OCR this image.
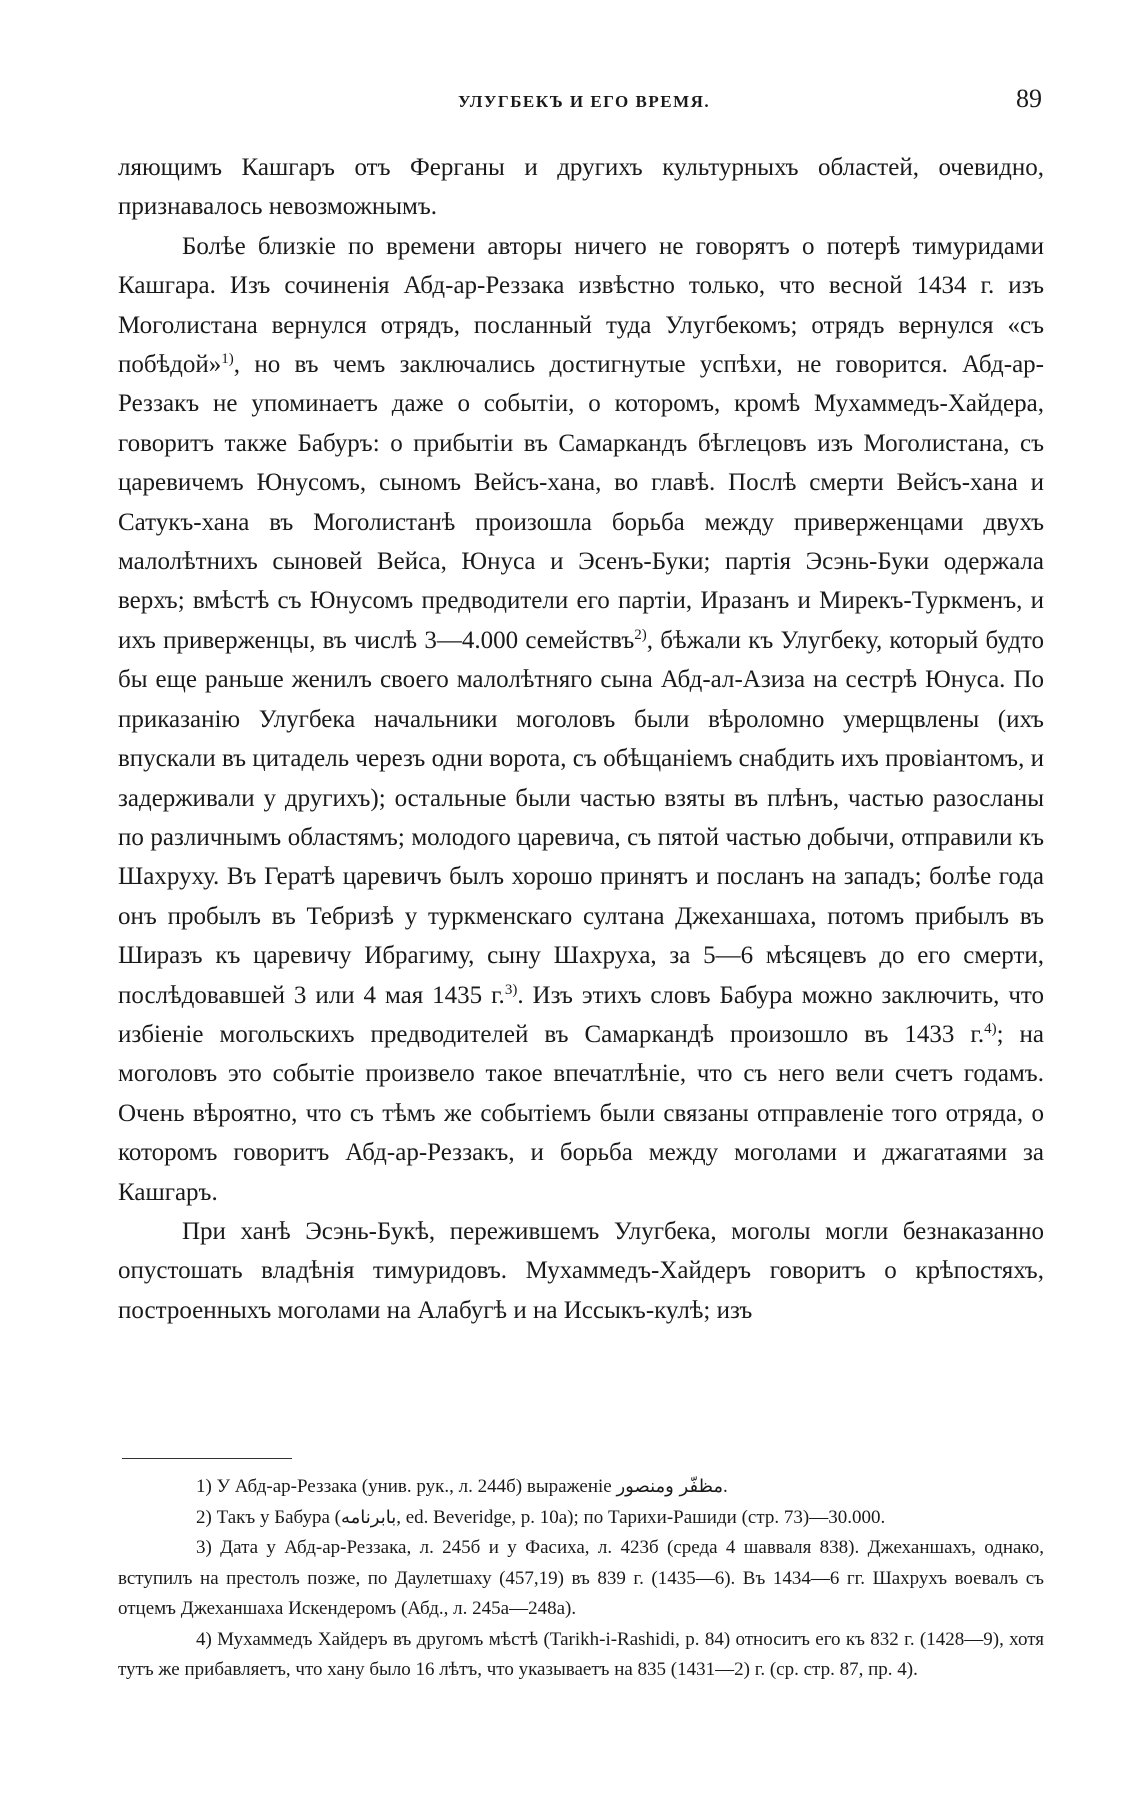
УЛУГБЕКЪ И ЕГО ВРЕМЯ.	89

ляющимъ Кашгаръ отъ Ферганы и другихъ культурныхъ областей, очевидно, признавалось невозможнымъ.

Болѣе близкіе по времени авторы ничего не говорятъ о потерѣ тимуридами Кашгара. Изъ сочиненія Абд-ар-Реззака извѣстно только, что весной 1434 г. изъ Моголистана вернулся отрядъ, посланный туда Улугбекомъ; отрядъ вернулся «съ побѣдой»$^{1)}$, но въ чемъ заключались достигнутые успѣхи, не говорится. Абд-ар-Реззакъ не упоминаетъ даже о событіи, о которомъ, кромѣ Мухаммедъ-Хайдера, говоритъ также Бабуръ: о прибытіи въ Самаркандъ бѣглецовъ изъ Моголистана, съ царевичемъ Юнусомъ, сыномъ Вейсъ-хана, во главѣ. Послѣ смерти Вейсъ-хана и Сатукъ-хана въ Моголистанѣ произошла борьба между приверженцами двухъ малолѣтнихъ сыновей Вейса, Юнуса и Эсенъ-Буки; партія Эсэнь-Буки одержала верхъ; вмѣстѣ съ Юнусомъ предводители его партіи, Иразанъ и Мирекъ-Туркменъ, и ихъ приверженцы, въ числѣ 3—4.000 семействъ$^{2)}$, бѣжали къ Улугбеку, который будто бы еще раньше женилъ своего малолѣтняго сына Абд-ал-Азиза на сестрѣ Юнуса. По приказанію Улугбека начальники моголовъ были вѣроломно умерщвлены (ихъ впускали въ цитадель черезъ одни ворота, съ обѣщаніемъ снабдить ихъ провіантомъ, и задерживали у другихъ); остальные были частью взяты въ плѣнъ, частью разосланы по различнымъ областямъ; молодого царевича, съ пятой частью добычи, отправили къ Шахруху. Въ Гератѣ царевичъ былъ хорошо принятъ и посланъ на западъ; болѣе года онъ пробылъ въ Тебризѣ у туркменскаго султана Джеханшаха, потомъ прибылъ въ Ширазъ къ царевичу Ибрагиму, сыну Шахруха, за 5—6 мѣсяцевъ до его смерти, послѣдовавшей 3 или 4 мая 1435 г.$^{3)}$. Изъ этихъ словъ Бабура можно заключить, что избіеніе могольскихъ предводителей въ Самаркандѣ произошло въ 1433 г.$^{4)}$; на моголовъ это событіе произвело такое впечатлѣніе, что съ него вели счетъ годамъ. Очень вѣроятно, что съ тѣмъ же событіемъ были связаны отправленіе того отряда, о которомъ говоритъ Абд-ар-Реззакъ, и борьба между моголами и джагатаями за Кашгаръ.

При ханѣ Эсэнь-Букѣ, пережившемъ Улугбека, моголы могли безнаказанно опустошать владѣнія тимуридовъ. Мухаммедъ-Хайдеръ говоритъ о крѣпостяхъ, построенныхъ моголами на Алабугѣ и на Иссыкъ-кулѣ; изъ

1) У Абд-ар-Реззака (унив. рук., л. 244б) выраженіе مظفّر ومنصور.

2) Такъ у Бабура (بابرنامه, ed. Beveridge, p. 10a); по Тарихи-Рашиди (стр. 73)—30.000.

3) Дата у Абд-ар-Реззака, л. 245б и у Фасиха, л. 423б (среда 4 шавваля 838). Джеханшахъ, однако, вступилъ на престолъ позже, по Даулетшаху (457,19) въ 839 г. (1435—6). Въ 1434—6 гг. Шахрухъ воевалъ съ отцемъ Джеханшаха Искендеромъ (Абд., л. 245а—248а).

4) Мухаммедъ Хайдеръ въ другомъ мѣстѣ (Tarikh-i-Rashidi, p. 84) относитъ его къ 832 г. (1428—9), хотя тутъ же прибавляетъ, что хану было 16 лѣтъ, что указываетъ на 835 (1431—2) г. (ср. стр. 87, пр. 4).
